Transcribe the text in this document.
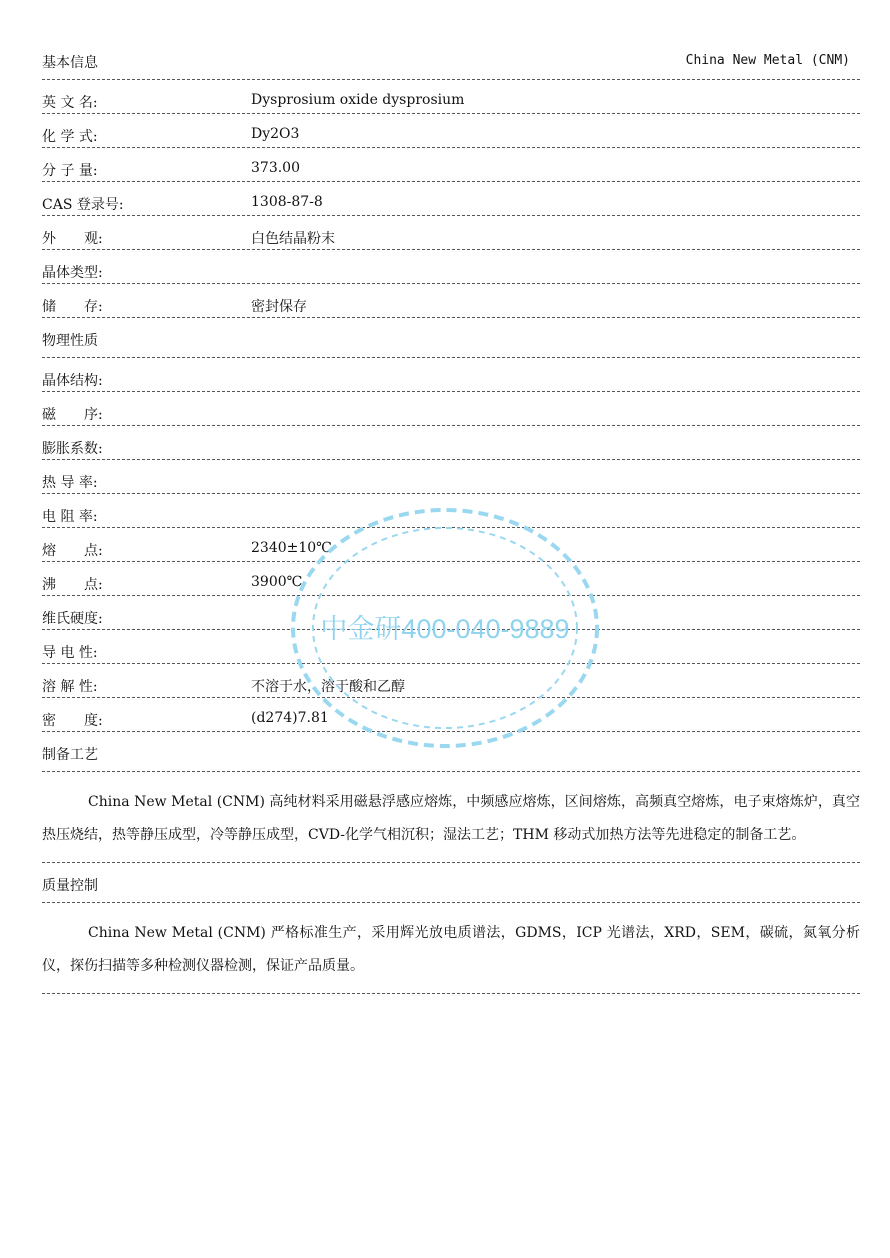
基本信息	China New Metal (CNM)
英 文 名:	Dysprosium oxide dysprosium
化 学 式:	Dy2O3
分 子 量:	373.00
CAS 登录号:	1308-87-8
外　　观:	白色结晶粉末
晶体类型:
储　　存:	密封保存
物理性质
晶体结构:
磁　　序:
膨胀系数:
热 导 率:
电 阻 率:
熔　　点:	2340±10℃
沸　　点:	3900℃
维氏硬度:
导 电 性:
溶 解 性:	不溶于水，溶于酸和乙醇
密　　度:	(d274)7.81
制备工艺
China New Metal (CNM) 高纯材料采用磁悬浮感应熔炼，中频感应熔炼，区间熔炼，高频真空熔炼，电子束熔炼炉，真空热压烧结，热等静压成型，冷等静压成型，CVD-化学气相沉积；湿法工艺；THM 移动式加热方法等先进稳定的制备工艺。
质量控制
China New Metal (CNM) 严格标准生产，采用辉光放电质谱法，GDMS，ICP 光谱法，XRD，SEM，碳硫，氮氧分析仪，探伤扫描等多种检测仪器检测，保证产品质量。
中金研400-040-9889
